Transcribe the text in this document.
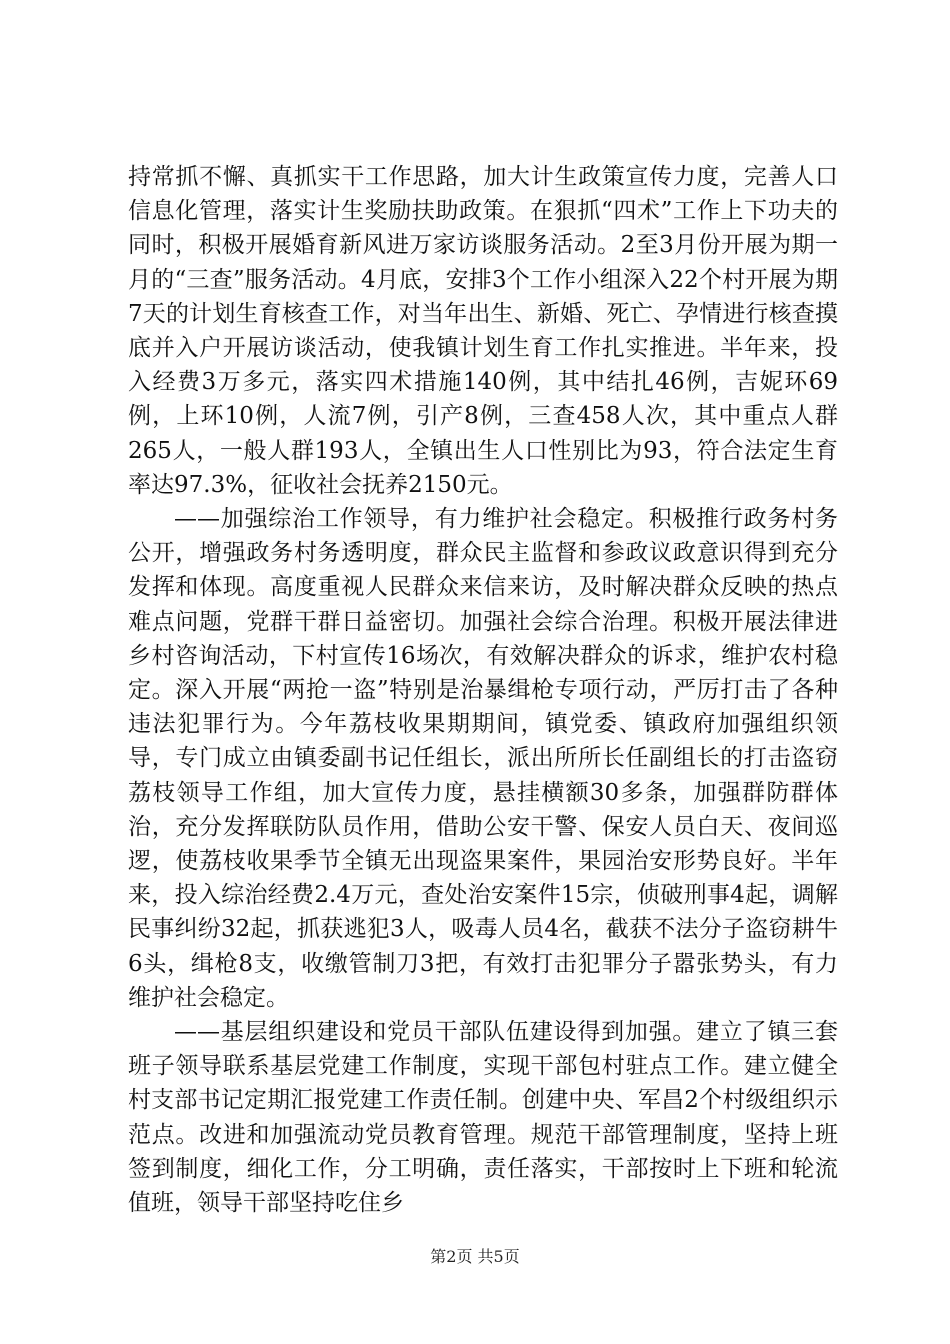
持常抓不懈、真抓实干工作思路，加大计生政策宣传力度，完善人口信息化管理，落实计生奖励扶助政策。在狠抓“四术”工作上下功夫的同时，积极开展婚育新风进万家访谈服务活动。2至3月份开展为期一月的“三查”服务活动。4月底，安排3个工作小组深入22个村开展为期7天的计划生育核查工作，对当年出生、新婚、死亡、孕情进行核查摸底并入户开展访谈活动，使我镇计划生育工作扎实推进。半年来，投入经费3万多元，落实四术措施140例，其中结扎46例，吉妮环69例，上环10例，人流7例，引产8例，三查458人次，其中重点人群265人，一般人群193人，全镇出生人口性别比为93，符合法定生育率达97.3%，征收社会抚养2150元。

——加强综治工作领导，有力维护社会稳定。积极推行政务村务公开，增强政务村务透明度，群众民主监督和参政议政意识得到充分发挥和体现。高度重视人民群众来信来访，及时解决群众反映的热点难点问题，党群干群日益密切。加强社会综合治理。积极开展法律进乡村咨询活动，下村宣传16场次，有效解决群众的诉求，维护农村稳定。深入开展“两抢一盗”特别是治暴缉枪专项行动，严厉打击了各种违法犯罪行为。今年荔枝收果期期间，镇党委、镇政府加强组织领导，专门成立由镇委副书记任组长，派出所所长任副组长的打击盗窃荔枝领导工作组，加大宣传力度，悬挂横额30多条，加强群防群体治，充分发挥联防队员作用，借助公安干警、保安人员白天、夜间巡逻，使荔枝收果季节全镇无出现盗果案件，果园治安形势良好。半年来，投入综治经费2.4万元，查处治安案件15宗，侦破刑事4起，调解民事纠纷32起，抓获逃犯3人，吸毒人员4名，截获不法分子盗窃耕牛6头，缉枪8支，收缴管制刀3把，有效打击犯罪分子嚣张势头，有力维护社会稳定。

——基层组织建设和党员干部队伍建设得到加强。建立了镇三套班子领导联系基层党建工作制度，实现干部包村驻点工作。建立健全村支部书记定期汇报党建工作责任制。创建中央、军昌2个村级组织示范点。改进和加强流动党员教育管理。规范干部管理制度，坚持上班签到制度，细化工作，分工明确，责任落实，干部按时上下班和轮流值班，领导干部坚持吃住乡

第2页 共5页
